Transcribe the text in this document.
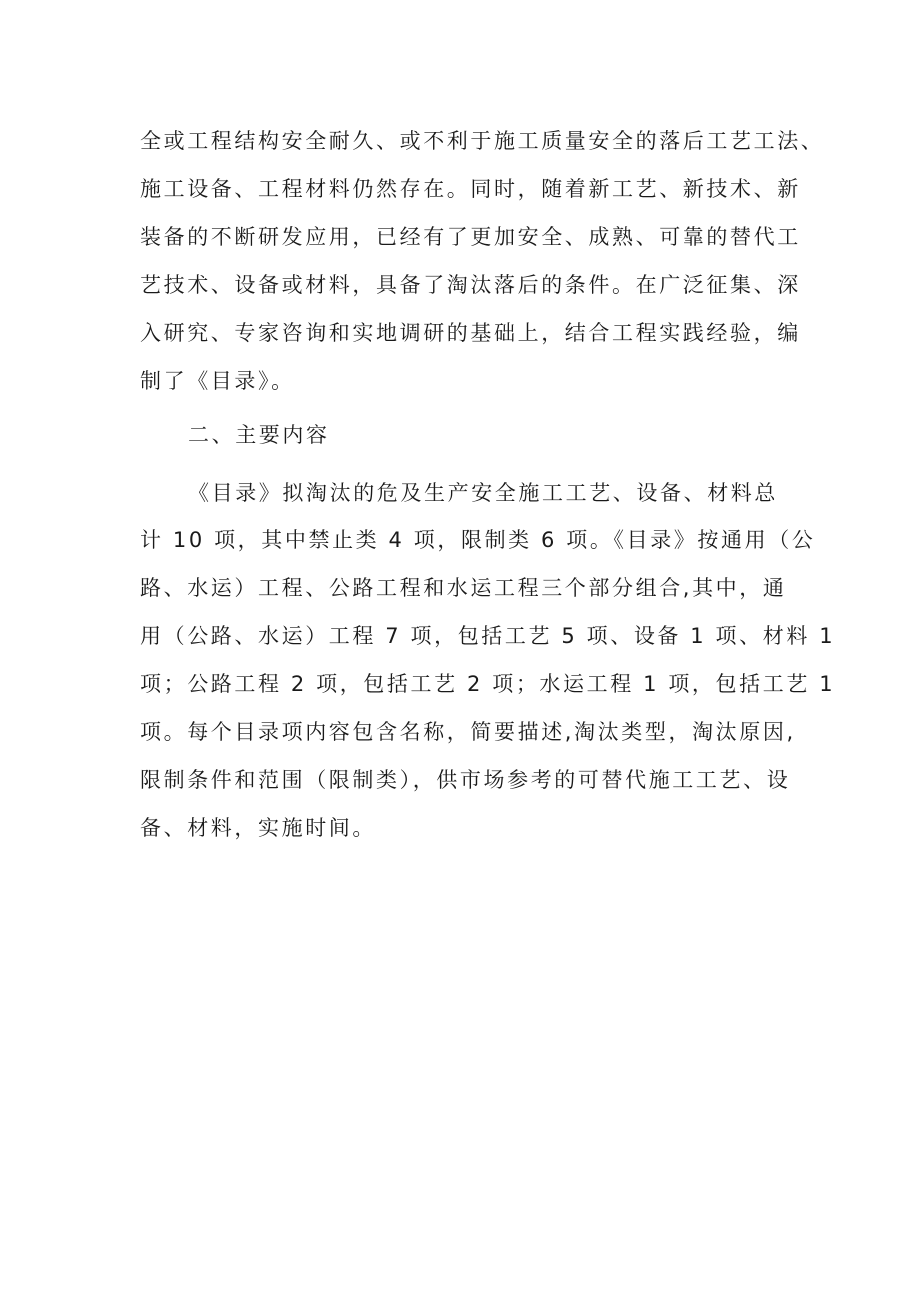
全或工程结构安全耐久、或不利于施工质量安全的落后工艺工法、
施工设备、工程材料仍然存在。同时，随着新工艺、新技术、新
装备的不断研发应用，已经有了更加安全、成熟、可靠的替代工
艺技术、设备或材料，具备了淘汰落后的条件。在广泛征集、深
入研究、专家咨询和实地调研的基础上，结合工程实践经验，编
制了《目录》。
二、主要内容
《目录》拟淘汰的危及生产安全施工工艺、设备、材料总
计 10 项，其中禁止类 4 项，限制类 6 项。《目录》按通用（公
路、水运）工程、公路工程和水运工程三个部分组合,其中，通
用（公路、水运）工程 7 项，包括工艺 5 项、设备 1 项、材料 1
项；公路工程 2 项，包括工艺 2 项；水运工程 1 项，包括工艺 1
项。每个目录项内容包含名称，简要描述,淘汰类型，淘汰原因,
限制条件和范围（限制类），供市场参考的可替代施工工艺、设
备、材料，实施时间。
